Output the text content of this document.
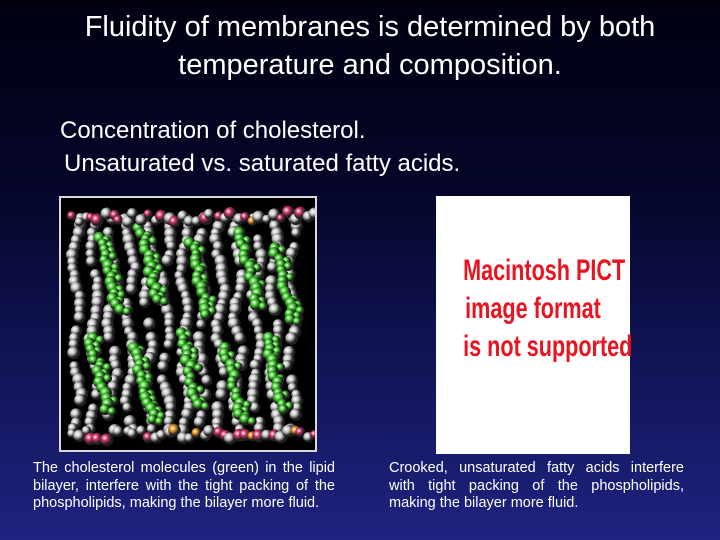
Fluidity of membranes is determined by both
temperature and composition.
Concentration of cholesterol.
Unsaturated vs. saturated fatty acids.
Macintosh PICT
image format
is not supported
The cholesterol molecules (green) in the lipid bilayer, interfere with the tight packing of the phospholipids, making the bilayer more fluid.
Crooked, unsaturated fatty acids interfere with tight packing of the phospholipids, making the bilayer more fluid.
